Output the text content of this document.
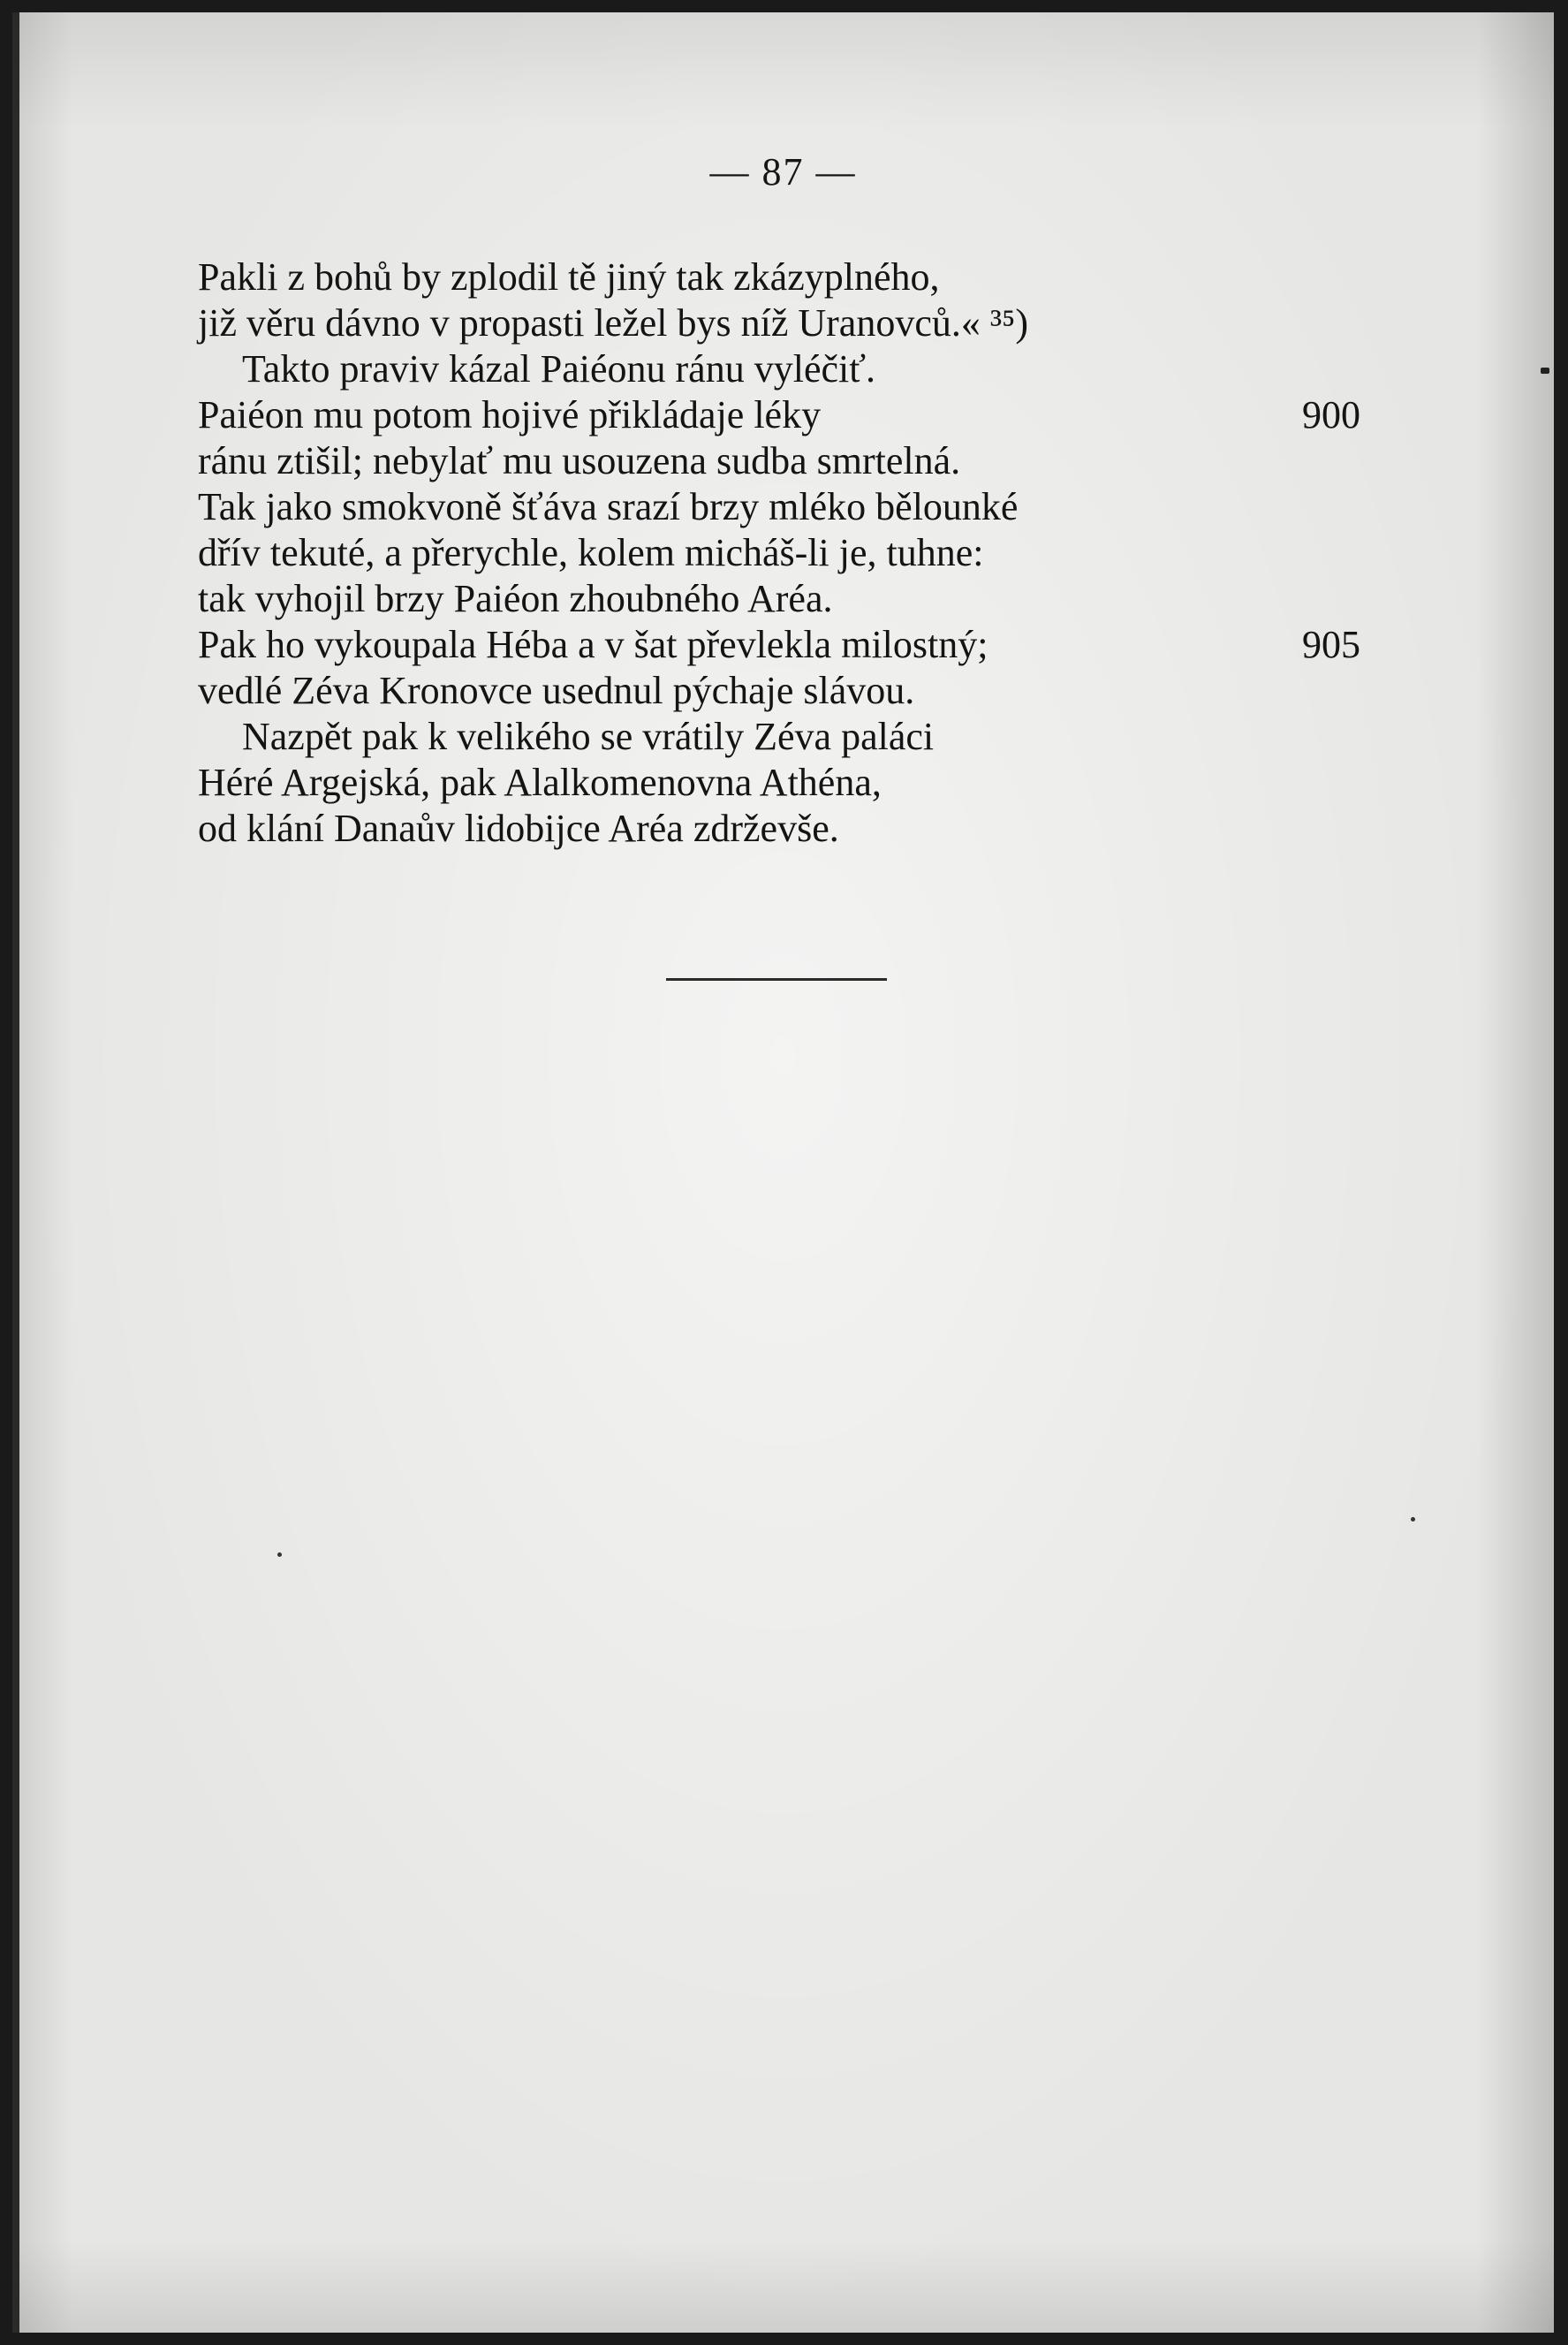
— 87 —
Pakli z bohů by zplodil tě jiný tak zkázyplného,
již věru dávno v propasti ležel bys níž Uranovců.« ³⁵)
Takto praviv kázal Paiéonu ránu vyléčiť.
Paiéon mu potom hojivé přikládaje léky	900
ránu ztišil; nebylať mu usouzena sudba smrtelná.
Tak jako smokvoně šťáva srazí brzy mléko bělounké
dřív tekuté, a přerychle, kolem micháš-li je, tuhne:
tak vyhojil brzy Paiéon zhoubného Aréa.
Pak ho vykoupala Héba a v šat převlekla milostný;	905
vedlé Zéva Kronovce usednul pýchaje slávou.
Nazpět pak k velikého se vrátily Zéva paláci
Héré Argejská, pak Alalkomenovna Athéna,
od klání Danaův lidobijce Aréa zdrževše.
